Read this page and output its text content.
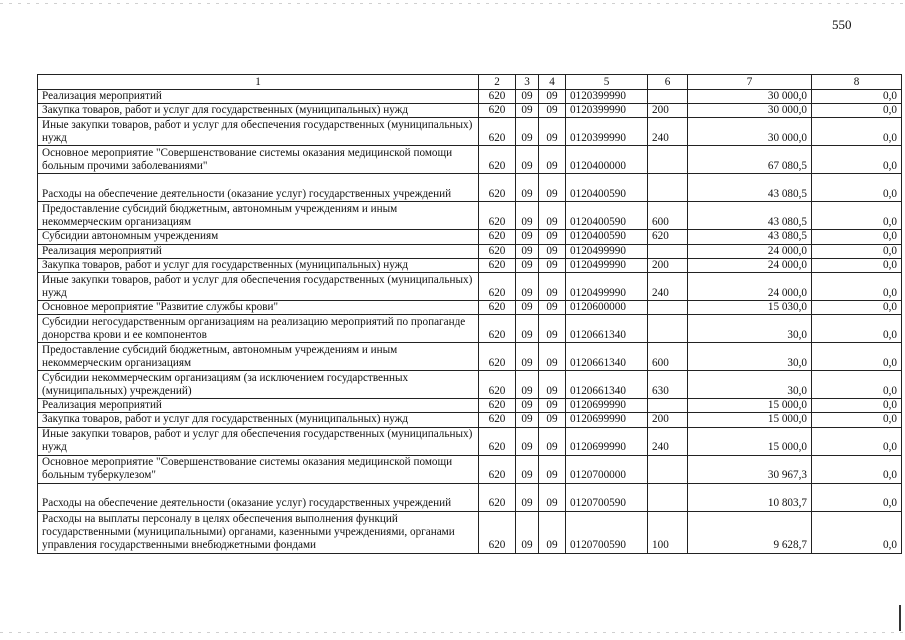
550
1	2	3	4	5	6	7	8
Реализация мероприятий	620	09	09	0120399990		30 000,0	0,0
Закупка товаров, работ и услуг для государственных (муниципальных) нужд	620	09	09	0120399990	200	30 000,0	0,0
Иные закупки товаров, работ и услуг для обеспечения государственных (муниципальных) нужд	620	09	09	0120399990	240	30 000,0	0,0
Основное мероприятие "Совершенствование системы оказания медицинской помощи больным прочими заболеваниями"	620	09	09	0120400000		67 080,5	0,0
Расходы на обеспечение деятельности (оказание услуг) государственных учреждений	620	09	09	0120400590		43 080,5	0,0
Предоставление субсидий бюджетным, автономным учреждениям и иным некоммерческим организациям	620	09	09	0120400590	600	43 080,5	0,0
Субсидии автономным учреждениям	620	09	09	0120400590	620	43 080,5	0,0
Реализация мероприятий	620	09	09	0120499990		24 000,0	0,0
Закупка товаров, работ и услуг для государственных (муниципальных) нужд	620	09	09	0120499990	200	24 000,0	0,0
Иные закупки товаров, работ и услуг для обеспечения государственных (муниципальных) нужд	620	09	09	0120499990	240	24 000,0	0,0
Основное мероприятие "Развитие службы крови"	620	09	09	0120600000		15 030,0	0,0
Субсидии негосударственным организациям на реализацию мероприятий по пропаганде донорства крови и ее компонентов	620	09	09	0120661340		30,0	0,0
Предоставление субсидий бюджетным, автономным учреждениям и иным некоммерческим организациям	620	09	09	0120661340	600	30,0	0,0
Субсидии некоммерческим организациям (за исключением государственных (муниципальных) учреждений)	620	09	09	0120661340	630	30,0	0,0
Реализация мероприятий	620	09	09	0120699990		15 000,0	0,0
Закупка товаров, работ и услуг для государственных (муниципальных) нужд	620	09	09	0120699990	200	15 000,0	0,0
Иные закупки товаров, работ и услуг для обеспечения государственных (муниципальных) нужд	620	09	09	0120699990	240	15 000,0	0,0
Основное мероприятие "Совершенствование системы оказания медицинской помощи больным туберкулезом"	620	09	09	0120700000		30 967,3	0,0
Расходы на обеспечение деятельности (оказание услуг) государственных учреждений	620	09	09	0120700590		10 803,7	0,0
Расходы на выплаты персоналу в целях обеспечения выполнения функций государственными (муниципальными) органами, казенными учреждениями, органами управления государственными внебюджетными фондами	620	09	09	0120700590	100	9 628,7	0,0
